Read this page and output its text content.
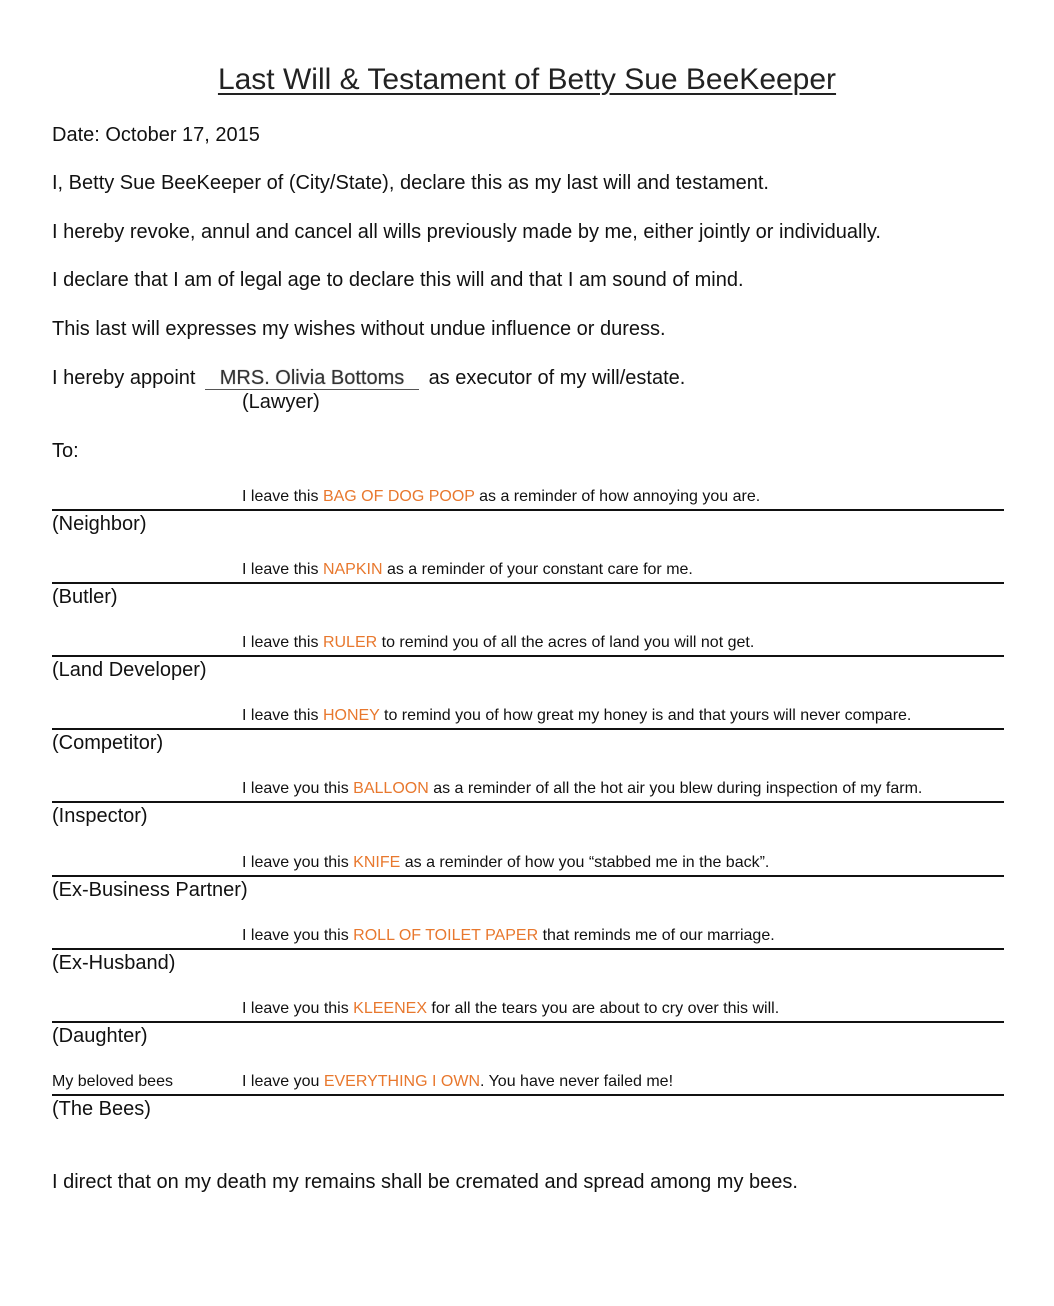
Last Will & Testament of Betty Sue BeeKeeper

Date: October 17, 2015

I, Betty Sue BeeKeeper of (City/State), declare this as my last will and testament.

I hereby revoke, annul and cancel all wills previously made by me, either jointly or individually.

I declare that I am of legal age to declare this will and that I am sound of mind.

This last will expresses my wishes without undue influence or duress.

I hereby appoint MRS. Olivia Bottoms as executor of my will/estate.

(Lawyer)

To:

I leave this BAG OF DOG POOP as a reminder of how annoying you are.
(Neighbor)
I leave this NAPKIN as a reminder of your constant care for me.
(Butler)
I leave this RULER to remind you of all the acres of land you will not get.
(Land Developer)
I leave this HONEY to remind you of how great my honey is and that yours will never compare.
(Competitor)
I leave you this BALLOON as a reminder of all the hot air you blew during inspection of my farm.
(Inspector)
I leave you this KNIFE as a reminder of how you “stabbed me in the back”.
(Ex-Business Partner)
I leave you this ROLL OF TOILET PAPER that reminds me of our marriage.
(Ex-Husband)
I leave you this KLEENEX for all the tears you are about to cry over this will.
(Daughter)
My beloved bees	I leave you EVERYTHING I OWN. You have never failed me!
(The Bees)

I direct that on my death my remains shall be cremated and spread among my bees.
